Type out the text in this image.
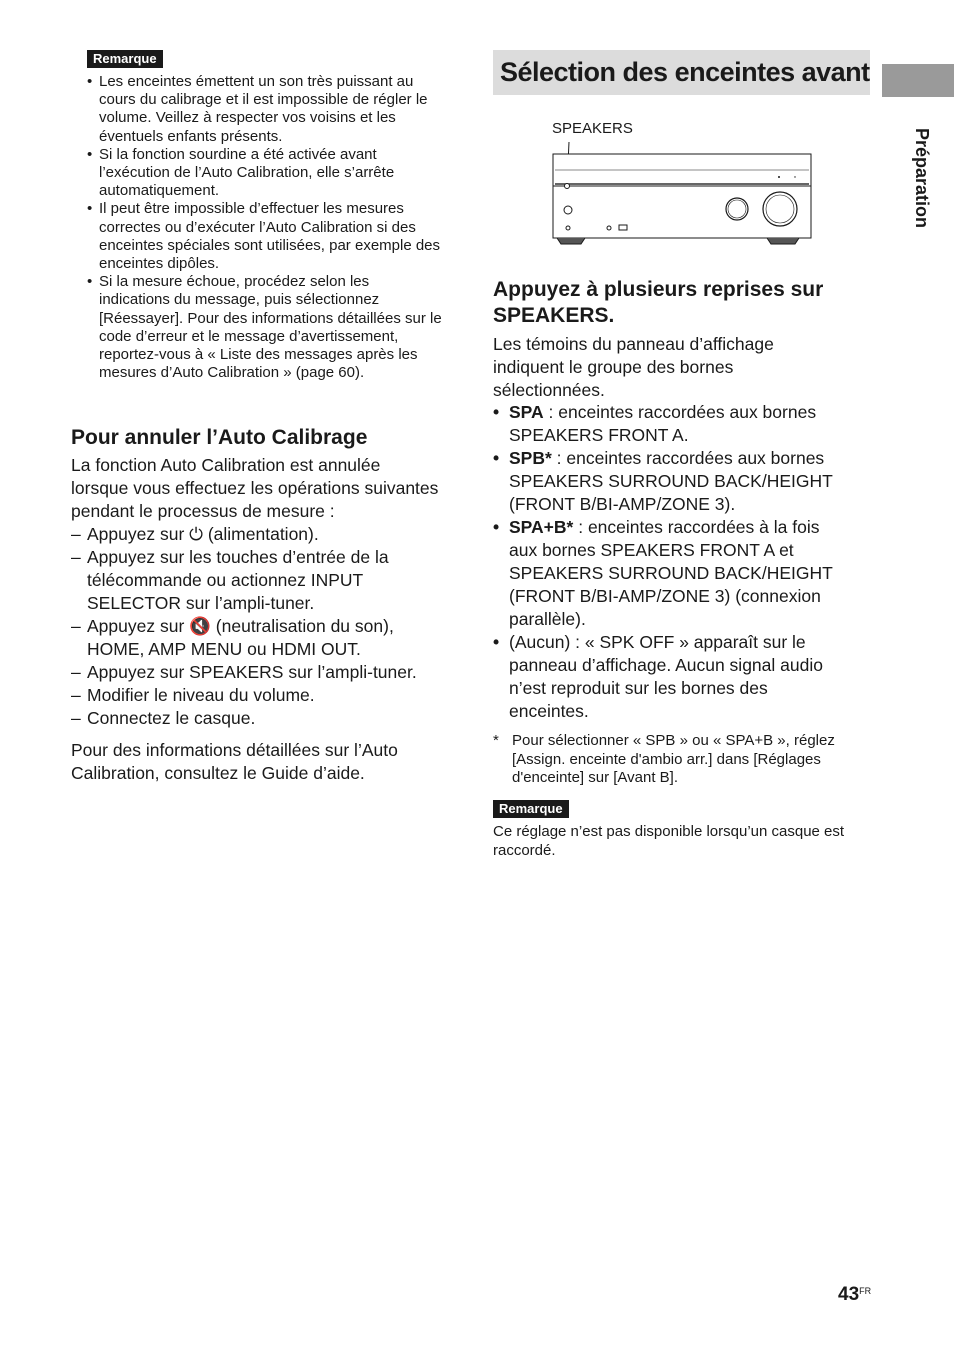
Remarque
• Les enceintes émettent un son très puissant au cours du calibrage et il est impossible de régler le volume. Veillez à respecter vos voisins et les éventuels enfants présents.
• Si la fonction sourdine a été activée avant l’exécution de l’Auto Calibration, elle s’arrête automatiquement.
• Il peut être impossible d’effectuer les mesures correctes ou d’exécuter l’Auto Calibration si des enceintes spéciales sont utilisées, par exemple des enceintes dipôles.
• Si la mesure échoue, procédez selon les indications du message, puis sélectionnez [Réessayer]. Pour des informations détaillées sur le code d’erreur et le message d’avertissement, reportez-vous à « Liste des messages après les mesures d’Auto Calibration » (page 60).
Pour annuler l’Auto Calibrage

La fonction Auto Calibration est annulée lorsque vous effectuez les opérations suivantes pendant le processus de mesure :

– Appuyez sur ⏻ (alimentation).
– Appuyez sur les touches d’entrée de la télécommande ou actionnez INPUT SELECTOR sur l’ampli-tuner.
– Appuyez sur 🔇 (neutralisation du son), HOME, AMP MENU ou HDMI OUT.
– Appuyez sur SPEAKERS sur l’ampli-tuner.
– Modifier le niveau du volume.
– Connectez le casque.

Pour des informations détaillées sur l’Auto Calibration, consultez le Guide d’aide.

Sélection des enceintes avant
Préparation
SPEAKERS
Appuyez à plusieurs reprises sur SPEAKERS.

Les témoins du panneau d’affichage indiquent le groupe des bornes sélectionnées.

• SPA : enceintes raccordées aux bornes SPEAKERS FRONT A.
• SPB* : enceintes raccordées aux bornes SPEAKERS SURROUND BACK/HEIGHT (FRONT B/BI-AMP/ZONE 3).
• SPA+B* : enceintes raccordées à la fois aux bornes SPEAKERS FRONT A et SPEAKERS SURROUND BACK/HEIGHT (FRONT B/BI-AMP/ZONE 3) (connexion parallèle).
• (Aucun) : « SPK OFF » apparaît sur le panneau d’affichage. Aucun signal audio n’est reproduit sur les bornes des enceintes.
* Pour sélectionner « SPB » ou « SPA+B », réglez [Assign. enceinte d'ambio arr.] dans [Réglages d'enceinte] sur [Avant B].
Remarque

Ce réglage n’est pas disponible lorsqu’un casque est raccordé.

$43^{FR}$
